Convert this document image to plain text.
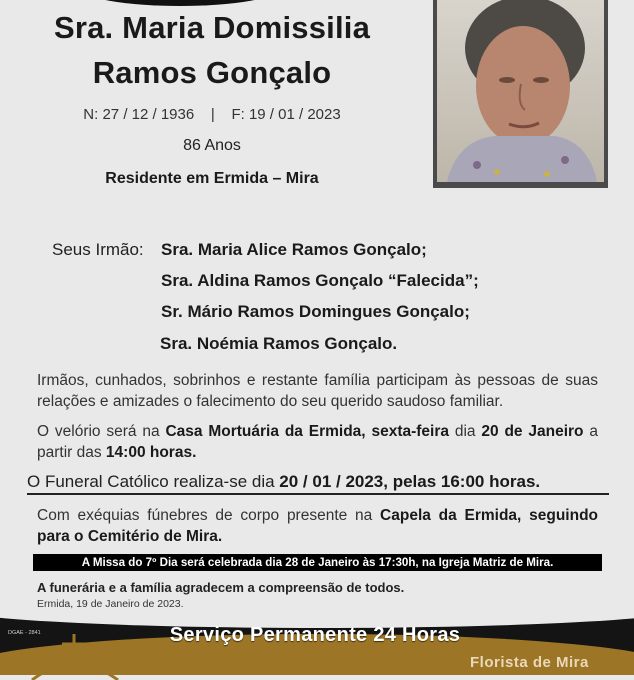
Sra. Maria Domissilia
Ramos Gonçalo
N: 27 / 12 / 1936    |    F: 19 / 01 / 2023
86 Anos
Residente em Ermida – Mira
Seus Irmão: Sra. Maria Alice Ramos Gonçalo;
Sra. Aldina Ramos Gonçalo “Falecida”;
Sr. Mário Ramos Domingues Gonçalo;
Sra. Noémia Ramos Gonçalo.
Irmãos, cunhados, sobrinhos e restante família participam às pessoas de suas relações e amizades o falecimento do seu querido saudoso familiar.
O velório será na Casa Mortuária da Ermida, sexta-feira dia 20 de Janeiro a partir das 14:00 horas.
O Funeral Católico realiza-se dia 20 / 01 / 2023, pelas 16:00 horas.
Com exéquias fúnebres de corpo presente na Capela da Ermida, seguindo para o Cemitério de Mira.
A Missa do 7º Dia será celebrada dia 28 de Janeiro às 17:30h, na Igreja Matriz de Mira.
A funerária e a família agradecem a compreensão de todos.
Ermida, 19 de Janeiro de 2023.
DGAE - 2841	Serviço Permanente 24 Horas
Florista de Mira
